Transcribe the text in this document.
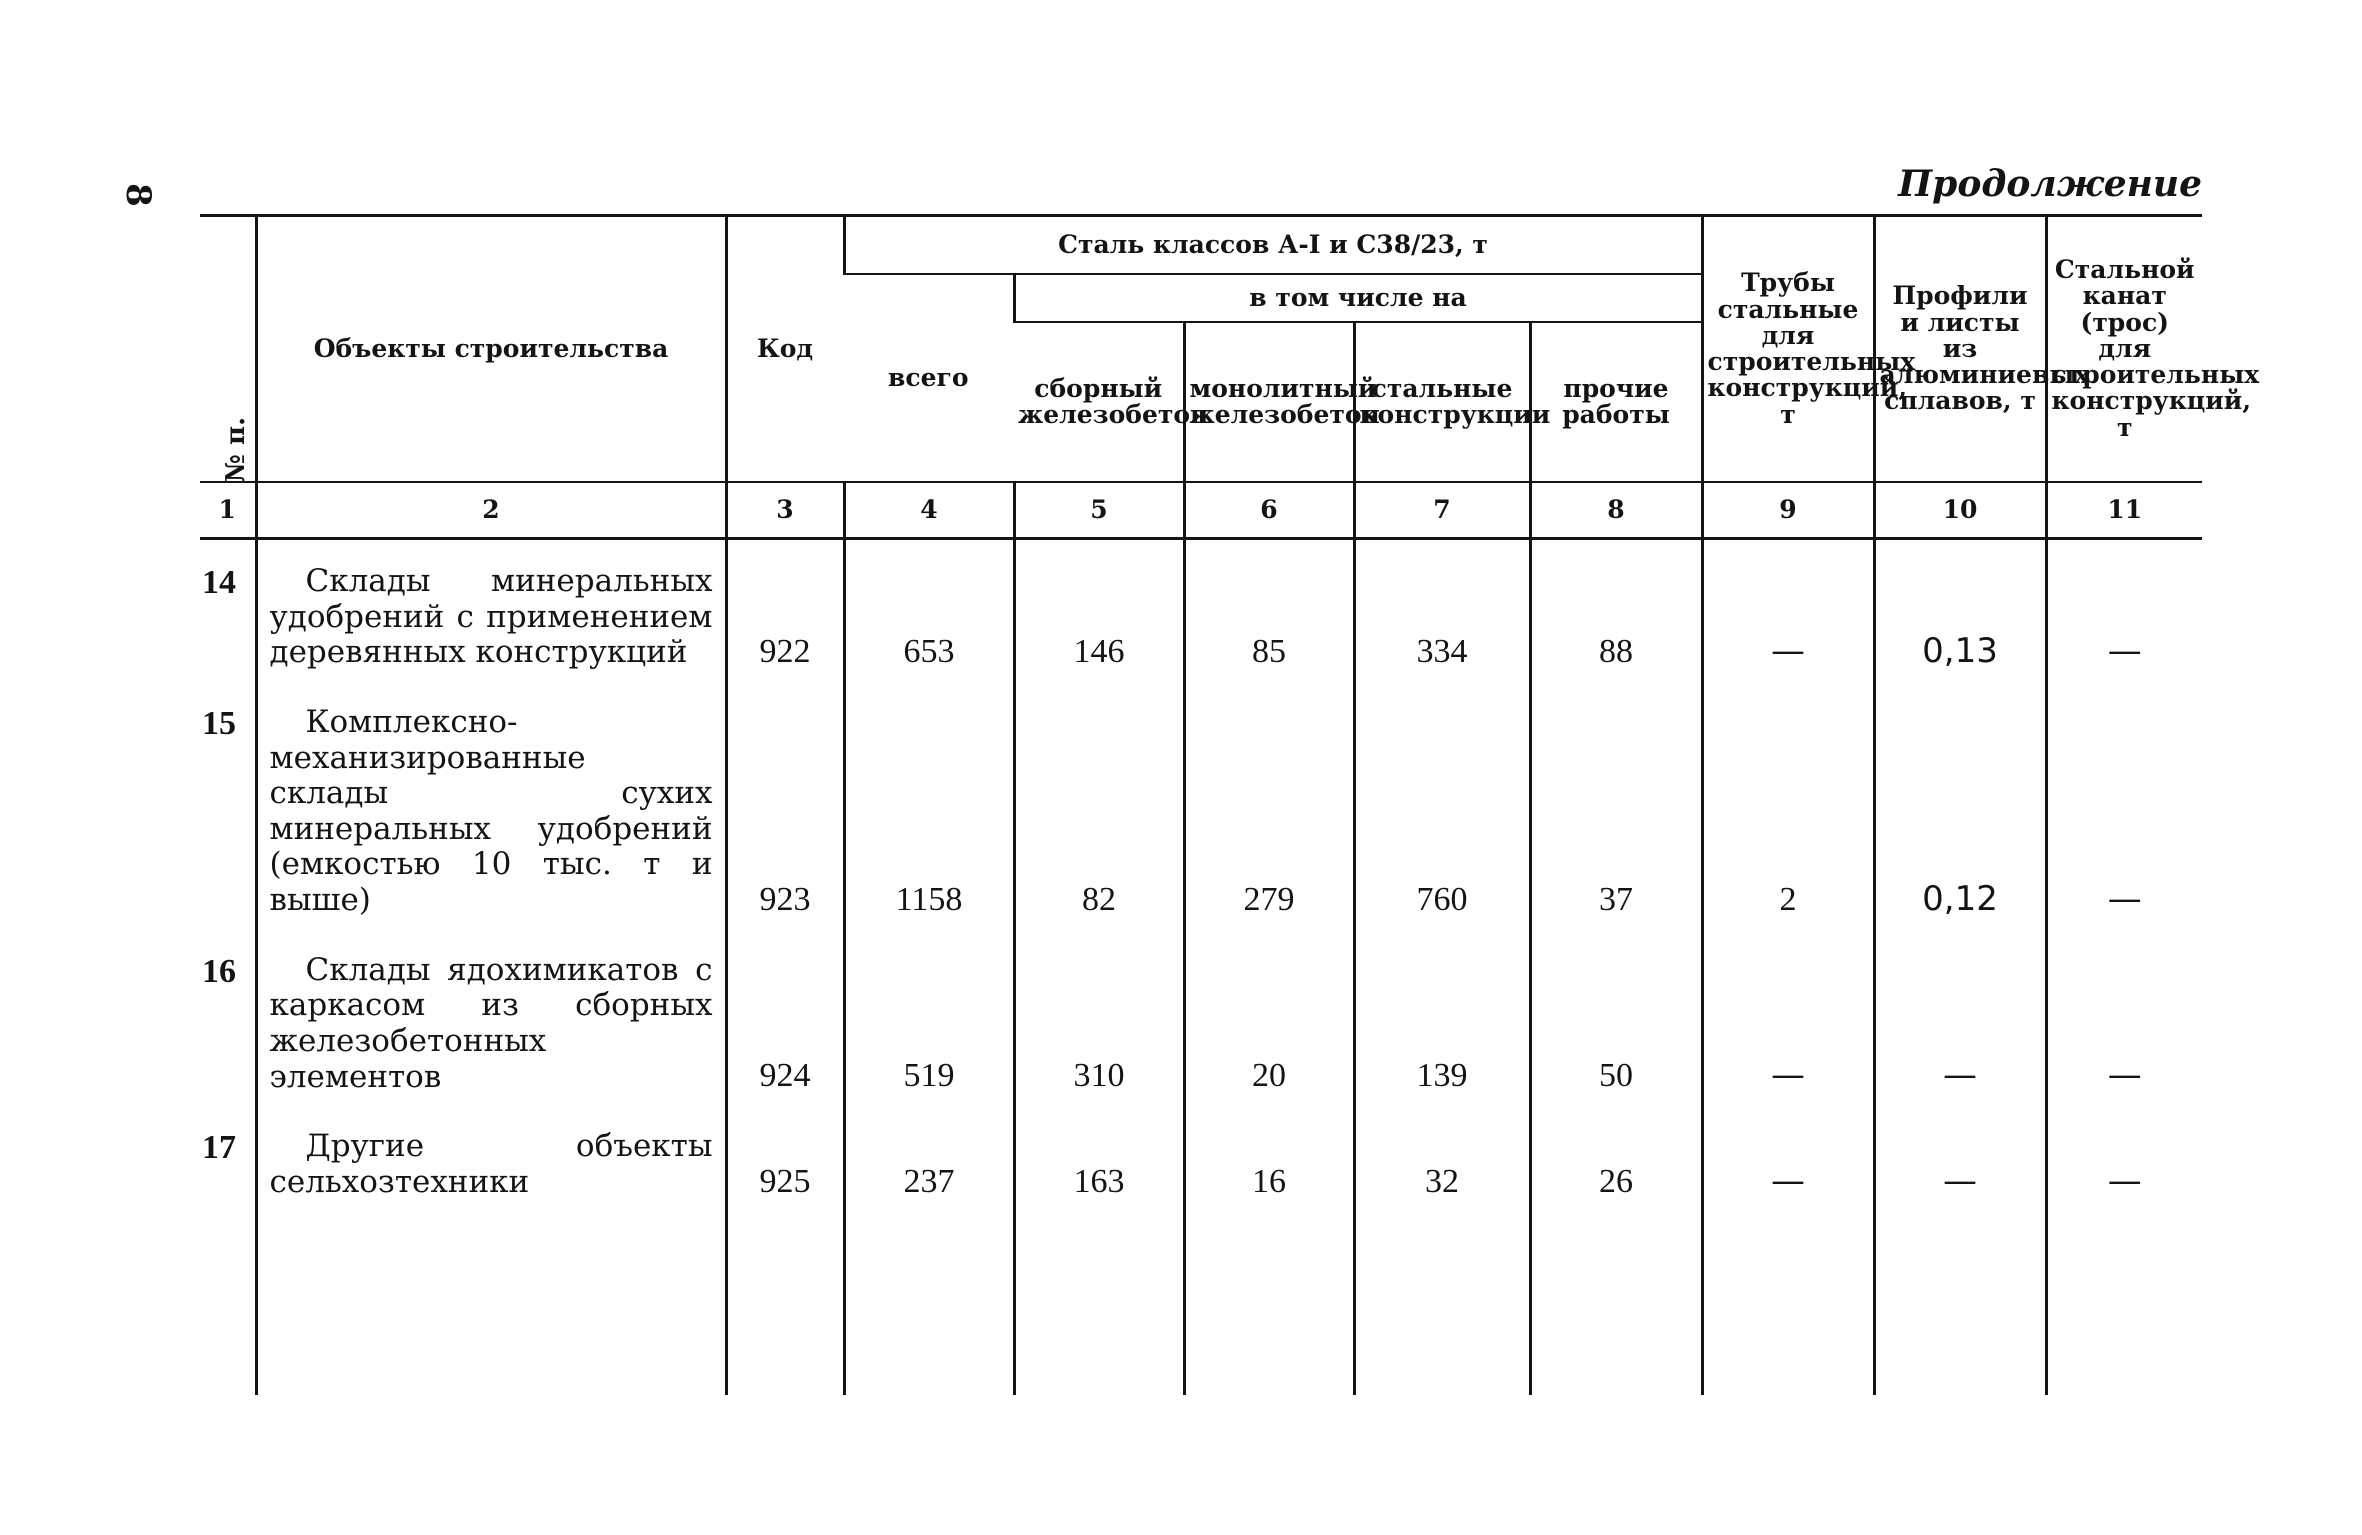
8	Продолжение
№ п.	Объекты строительства	Код	Сталь классов А-I и С38/23, т					Трубы стальные для строительных конструкций, т	Профили и листы из алюминиевых сплавов, т	Стальной канат (трос) для строительных конструкций, т
			всего	в том числе на						
				сборный железобетон	монолитный железобетон	стальные конструкции	прочие работы			
1	2	3	4	5	6	7	8	9	10	11
14	Склады минеральных удобрений с применением деревянных конструкций	922	653	146	85	334	88	—	0,13	—
15	Комплексно-механизированные склады сухих минеральных удобрений (емкостью 10 тыс. т и выше)	923	1158	82	279	760	37	2	0,12	—
16	Склады ядохимикатов с каркасом из сборных железобетонных элементов	924	519	310	20	139	50	—	—	—
17	Другие объекты сельхозтехники	925	237	163	16	32	26	—	—	—
